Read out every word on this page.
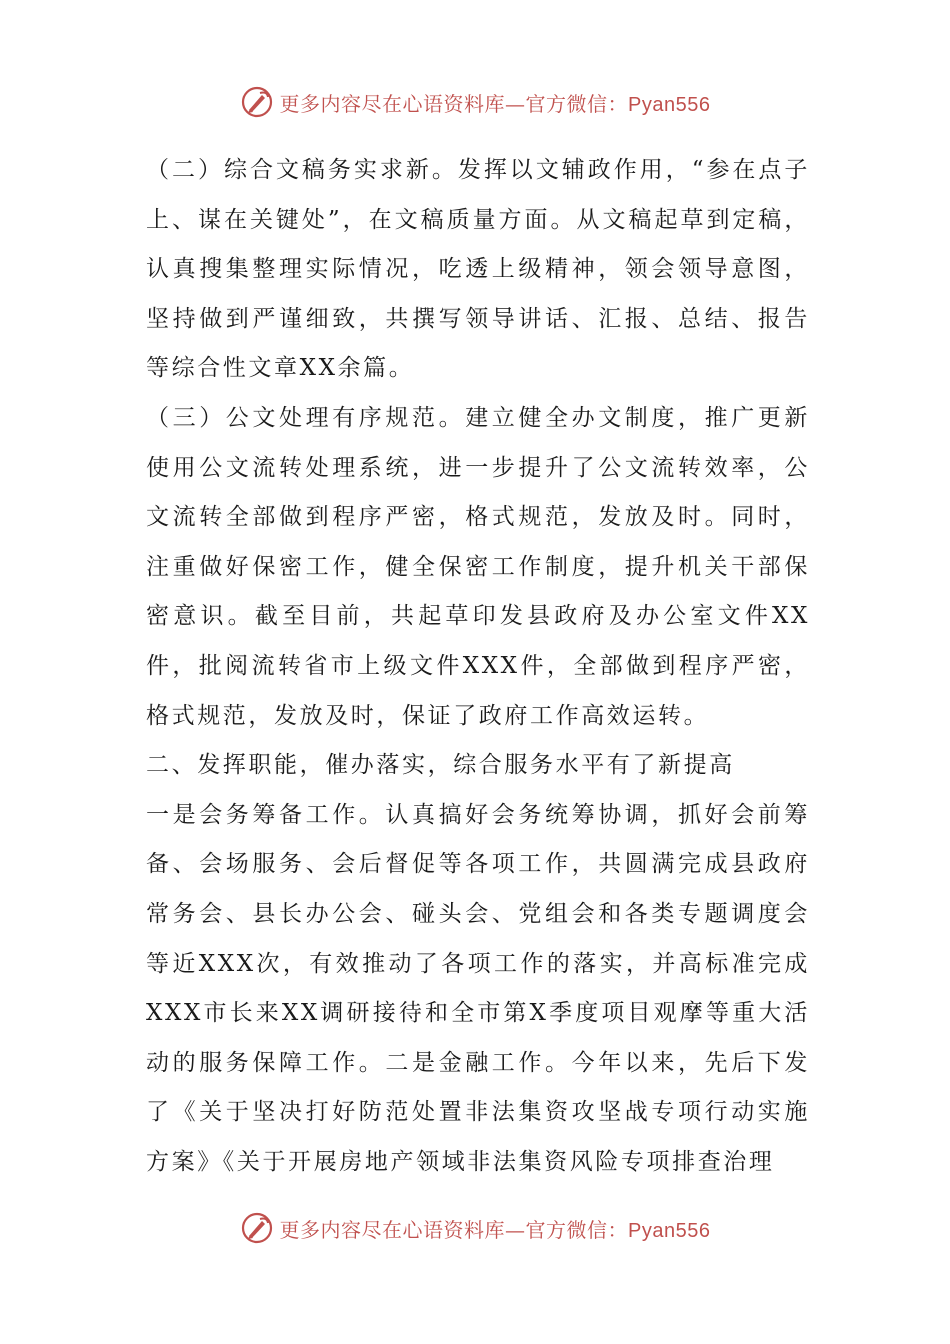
更多内容尽在心语资料库—官方微信：Pyan556

（二）综合文稿务实求新。发挥以文辅政作用，“参在点子上、谋在关键处”，在文稿质量方面。从文稿起草到定稿，认真搜集整理实际情况，吃透上级精神，领会领导意图，坚持做到严谨细致，共撰写领导讲话、汇报、总结、报告等综合性文章XX余篇。

（三）公文处理有序规范。建立健全办文制度，推广更新使用公文流转处理系统，进一步提升了公文流转效率，公文流转全部做到程序严密，格式规范，发放及时。同时，注重做好保密工作，健全保密工作制度，提升机关干部保密意识。截至目前，共起草印发县政府及办公室文件XX件，批阅流转省市上级文件XXX件，全部做到程序严密，格式规范，发放及时，保证了政府工作高效运转。

二、发挥职能，催办落实，综合服务水平有了新提高

一是会务筹备工作。认真搞好会务统筹协调，抓好会前筹备、会场服务、会后督促等各项工作，共圆满完成县政府常务会、县长办公会、碰头会、党组会和各类专题调度会等近XXX次，有效推动了各项工作的落实，并高标准完成XXX市长来XX调研接待和全市第X季度项目观摩等重大活动的服务保障工作。二是金融工作。今年以来，先后下发了《关于坚决打好防范处置非法集资攻坚战专项行动实施方案》《关于开展房地产领域非法集资风险专项排查治理

更多内容尽在心语资料库—官方微信：Pyan556
